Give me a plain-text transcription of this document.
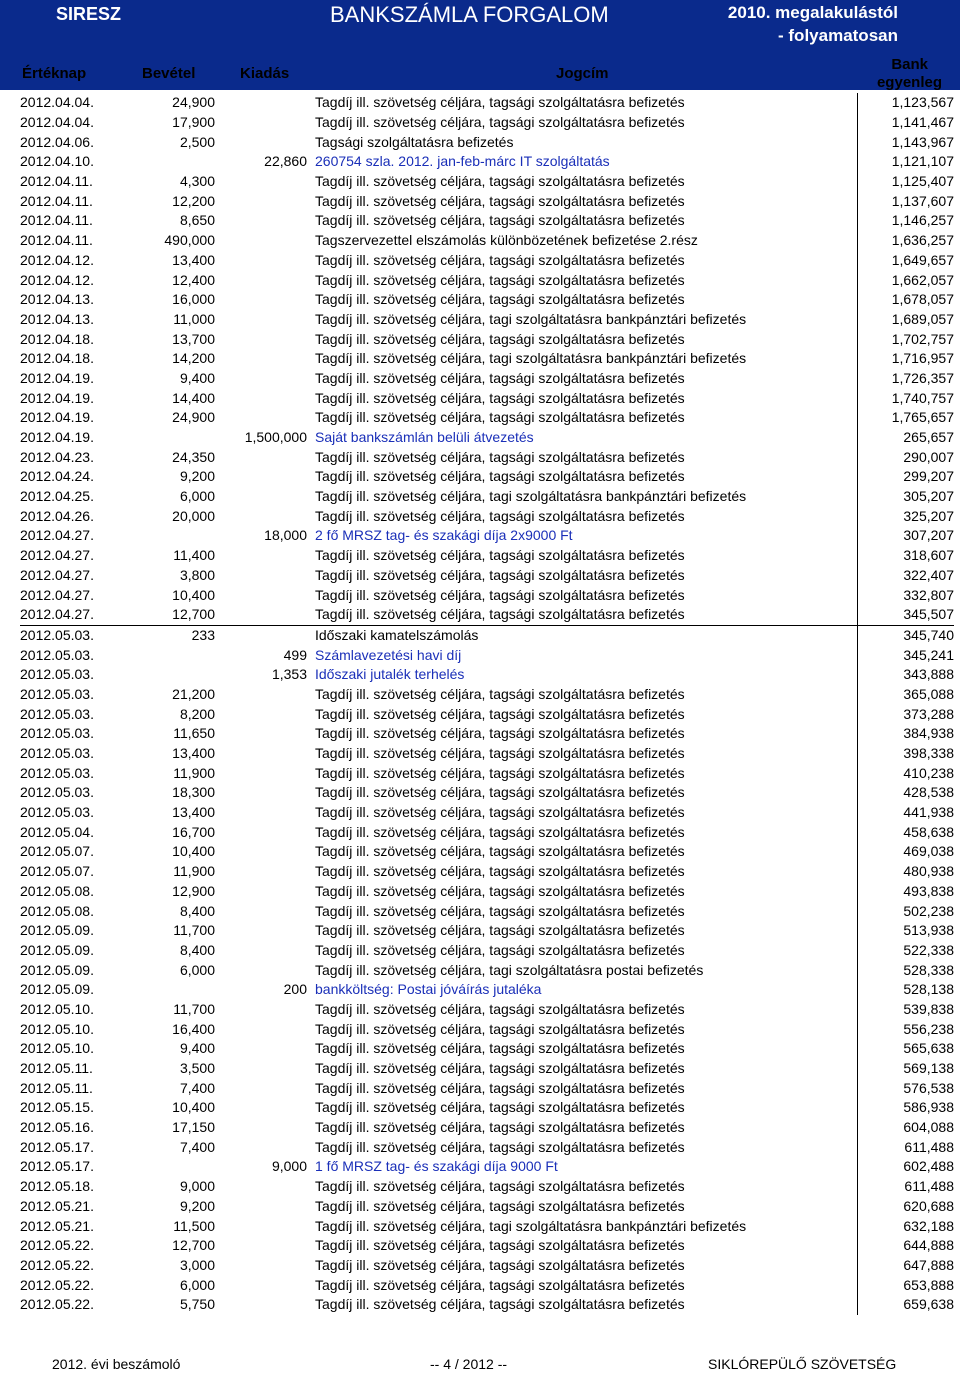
SIRESZ	BANKSZÁMLA FORGALOM	2010. megalakulástól
- folyamatosan
Értéknap	Bevétel	Kiadás	Jogcím
Bank
egyenleg
2012.04.04.	24,900		Tagdíj ill. szövetség céljára, tagsági szolgáltatásra befizetés	1,123,567
2012.04.04.	17,900		Tagdíj ill. szövetség céljára, tagsági szolgáltatásra befizetés	1,141,467
2012.04.06.	2,500		Tagsági szolgáltatásra befizetés	1,143,967
2012.04.10.		22,860	260754 szla. 2012. jan-feb-márc IT szolgáltatás	1,121,107
2012.04.11.	4,300		Tagdíj ill. szövetség céljára, tagsági szolgáltatásra befizetés	1,125,407
2012.04.11.	12,200		Tagdíj ill. szövetség céljára, tagsági szolgáltatásra befizetés	1,137,607
2012.04.11.	8,650		Tagdíj ill. szövetség céljára, tagsági szolgáltatásra befizetés	1,146,257
2012.04.11.	490,000		Tagszervezettel elszámolás különbözetének befizetése 2.rész	1,636,257
2012.04.12.	13,400		Tagdíj ill. szövetség céljára, tagsági szolgáltatásra befizetés	1,649,657
2012.04.12.	12,400		Tagdíj ill. szövetség céljára, tagsági szolgáltatásra befizetés	1,662,057
2012.04.13.	16,000		Tagdíj ill. szövetség céljára, tagsági szolgáltatásra befizetés	1,678,057
2012.04.13.	11,000		Tagdíj ill. szövetség céljára, tagi szolgáltatásra bankpánztári befizetés	1,689,057
2012.04.18.	13,700		Tagdíj ill. szövetség céljára, tagsági szolgáltatásra befizetés	1,702,757
2012.04.18.	14,200		Tagdíj ill. szövetség céljára, tagi szolgáltatásra bankpánztári befizetés	1,716,957
2012.04.19.	9,400		Tagdíj ill. szövetség céljára, tagsági szolgáltatásra befizetés	1,726,357
2012.04.19.	14,400		Tagdíj ill. szövetség céljára, tagsági szolgáltatásra befizetés	1,740,757
2012.04.19.	24,900		Tagdíj ill. szövetség céljára, tagsági szolgáltatásra befizetés	1,765,657
2012.04.19.		1,500,000	Saját bankszámlán belüli átvezetés	265,657
2012.04.23.	24,350		Tagdíj ill. szövetség céljára, tagsági szolgáltatásra befizetés	290,007
2012.04.24.	9,200		Tagdíj ill. szövetség céljára, tagsági szolgáltatásra befizetés	299,207
2012.04.25.	6,000		Tagdíj ill. szövetség céljára, tagi szolgáltatásra bankpánztári befizetés	305,207
2012.04.26.	20,000		Tagdíj ill. szövetség céljára, tagsági szolgáltatásra befizetés	325,207
2012.04.27.		18,000	2 fő MRSZ tag- és szakági díja 2x9000 Ft	307,207
2012.04.27.	11,400		Tagdíj ill. szövetség céljára, tagsági szolgáltatásra befizetés	318,607
2012.04.27.	3,800		Tagdíj ill. szövetség céljára, tagsági szolgáltatásra befizetés	322,407
2012.04.27.	10,400		Tagdíj ill. szövetség céljára, tagsági szolgáltatásra befizetés	332,807
2012.04.27.	12,700		Tagdíj ill. szövetség céljára, tagsági szolgáltatásra befizetés	345,507
2012.05.03.	233		Időszaki kamatelszámolás	345,740
2012.05.03.		499	Számlavezetési havi díj	345,241
2012.05.03.		1,353	Időszaki jutalék terhelés	343,888
2012.05.03.	21,200		Tagdíj ill. szövetség céljára, tagsági szolgáltatásra befizetés	365,088
2012.05.03.	8,200		Tagdíj ill. szövetség céljára, tagsági szolgáltatásra befizetés	373,288
2012.05.03.	11,650		Tagdíj ill. szövetség céljára, tagsági szolgáltatásra befizetés	384,938
2012.05.03.	13,400		Tagdíj ill. szövetség céljára, tagsági szolgáltatásra befizetés	398,338
2012.05.03.	11,900		Tagdíj ill. szövetség céljára, tagsági szolgáltatásra befizetés	410,238
2012.05.03.	18,300		Tagdíj ill. szövetség céljára, tagsági szolgáltatásra befizetés	428,538
2012.05.03.	13,400		Tagdíj ill. szövetség céljára, tagsági szolgáltatásra befizetés	441,938
2012.05.04.	16,700		Tagdíj ill. szövetség céljára, tagsági szolgáltatásra befizetés	458,638
2012.05.07.	10,400		Tagdíj ill. szövetség céljára, tagsági szolgáltatásra befizetés	469,038
2012.05.07.	11,900		Tagdíj ill. szövetség céljára, tagsági szolgáltatásra befizetés	480,938
2012.05.08.	12,900		Tagdíj ill. szövetség céljára, tagsági szolgáltatásra befizetés	493,838
2012.05.08.	8,400		Tagdíj ill. szövetség céljára, tagsági szolgáltatásra befizetés	502,238
2012.05.09.	11,700		Tagdíj ill. szövetség céljára, tagsági szolgáltatásra befizetés	513,938
2012.05.09.	8,400		Tagdíj ill. szövetség céljára, tagsági szolgáltatásra befizetés	522,338
2012.05.09.	6,000		Tagdíj ill. szövetség céljára, tagi szolgáltatásra postai befizetés	528,338
2012.05.09.		200	bankköltség: Postai jóváírás jutaléka	528,138
2012.05.10.	11,700		Tagdíj ill. szövetség céljára, tagsági szolgáltatásra befizetés	539,838
2012.05.10.	16,400		Tagdíj ill. szövetség céljára, tagsági szolgáltatásra befizetés	556,238
2012.05.10.	9,400		Tagdíj ill. szövetség céljára, tagsági szolgáltatásra befizetés	565,638
2012.05.11.	3,500		Tagdíj ill. szövetség céljára, tagsági szolgáltatásra befizetés	569,138
2012.05.11.	7,400		Tagdíj ill. szövetség céljára, tagsági szolgáltatásra befizetés	576,538
2012.05.15.	10,400		Tagdíj ill. szövetség céljára, tagsági szolgáltatásra befizetés	586,938
2012.05.16.	17,150		Tagdíj ill. szövetség céljára, tagsági szolgáltatásra befizetés	604,088
2012.05.17.	7,400		Tagdíj ill. szövetség céljára, tagsági szolgáltatásra befizetés	611,488
2012.05.17.		9,000	1 fő MRSZ tag- és szakági díja 9000 Ft	602,488
2012.05.18.	9,000		Tagdíj ill. szövetség céljára, tagsági szolgáltatásra befizetés	611,488
2012.05.21.	9,200		Tagdíj ill. szövetség céljára, tagsági szolgáltatásra befizetés	620,688
2012.05.21.	11,500		Tagdíj ill. szövetség céljára, tagi szolgáltatásra bankpánztári befizetés	632,188
2012.05.22.	12,700		Tagdíj ill. szövetség céljára, tagsági szolgáltatásra befizetés	644,888
2012.05.22.	3,000		Tagdíj ill. szövetség céljára, tagsági szolgáltatásra befizetés	647,888
2012.05.22.	6,000		Tagdíj ill. szövetség céljára, tagsági szolgáltatásra befizetés	653,888
2012.05.22.	5,750		Tagdíj ill. szövetség céljára, tagsági szolgáltatásra befizetés	659,638
2012. évi beszámoló	-- 4 / 2012 --	SIKLÓREPÜLŐ SZÖVETSÉG
